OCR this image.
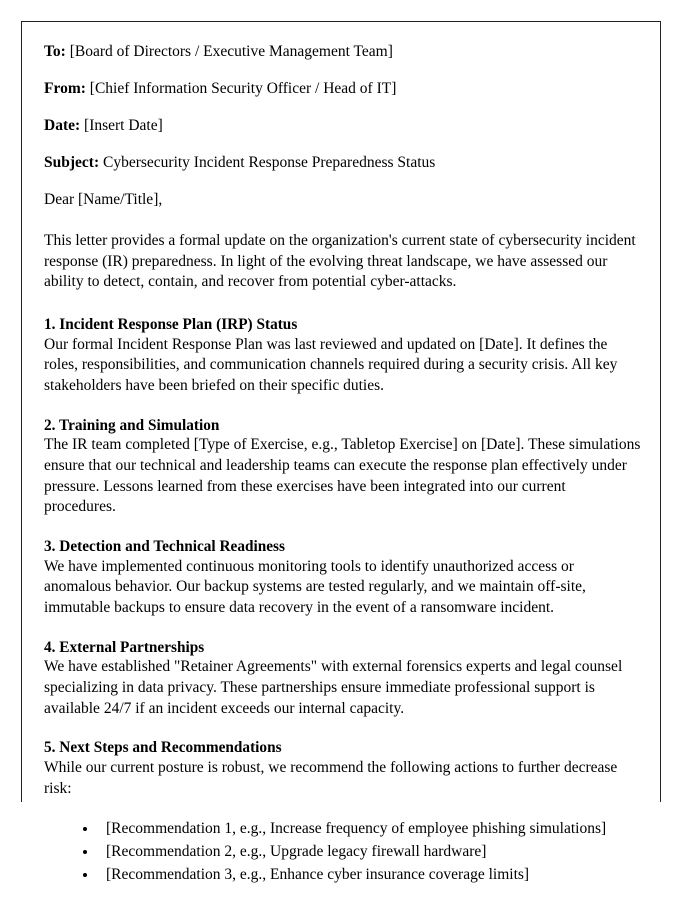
To: [Board of Directors / Executive Management Team]

From: [Chief Information Security Officer / Head of IT]

Date: [Insert Date]

Subject: Cybersecurity Incident Response Preparedness Status

Dear [Name/Title],

This letter provides a formal update on the organization's current state of cybersecurity incident response (IR) preparedness. In light of the evolving threat landscape, we have assessed our ability to detect, contain, and recover from potential cyber-attacks.

1. Incident Response Plan (IRP) Status

Our formal Incident Response Plan was last reviewed and updated on [Date]. It defines the roles, responsibilities, and communication channels required during a security crisis. All key stakeholders have been briefed on their specific duties.

2. Training and Simulation

The IR team completed [Type of Exercise, e.g., Tabletop Exercise] on [Date]. These simulations ensure that our technical and leadership teams can execute the response plan effectively under pressure. Lessons learned from these exercises have been integrated into our current procedures.

3. Detection and Technical Readiness

We have implemented continuous monitoring tools to identify unauthorized access or anomalous behavior. Our backup systems are tested regularly, and we maintain off-site, immutable backups to ensure data recovery in the event of a ransomware incident.

4. External Partnerships

We have established "Retainer Agreements" with external forensics experts and legal counsel specializing in data privacy. These partnerships ensure immediate professional support is available 24/7 if an incident exceeds our internal capacity.

5. Next Steps and Recommendations

While our current posture is robust, we recommend the following actions to further decrease risk:

• [Recommendation 1, e.g., Increase frequency of employee phishing simulations]
• [Recommendation 2, e.g., Upgrade legacy firewall hardware]
• [Recommendation 3, e.g., Enhance cyber insurance coverage limits]
